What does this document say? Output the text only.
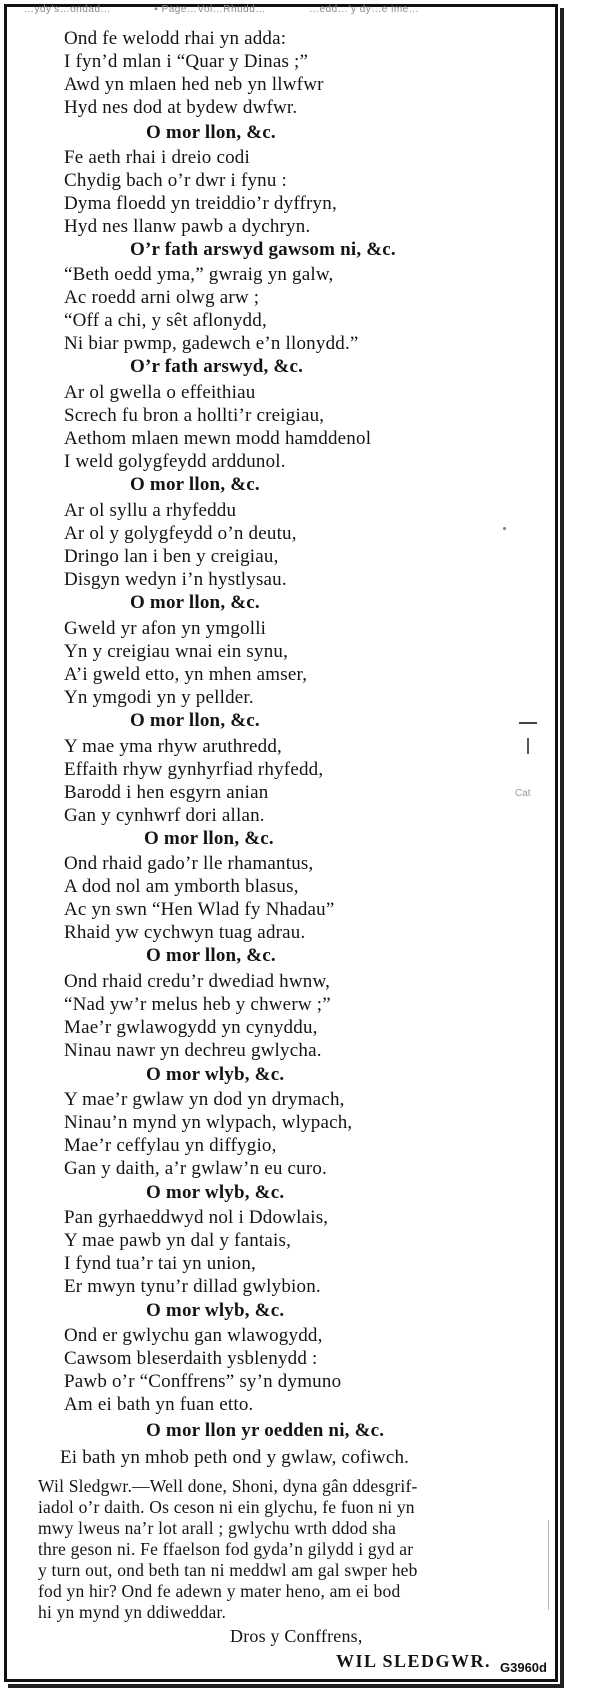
…ydy’s…ondad…	▪ Page…Vol…Rhudd…	…edd…’y dy…e ime…
Ond fe welodd rhai yn adda:
I fyn’d mlan i “Quar y Dinas ;”
Awd yn mlaen hed neb yn llwfwr
Hyd nes dod at bydew dwfwr.
O mor llon, &c.
Fe aeth rhai i dreio codi
Chydig bach o’r dwr i fynu :
Dyma floedd yn treiddio’r dyffryn,
Hyd nes llanw pawb a dychryn.
O’r fath arswyd gawsom ni, &c.
“Beth oedd yma,” gwraig yn galw,
Ac roedd arni olwg arw ;
“Off a chi, y sêt aflonydd,
Ni biar pwmp, gadewch e’n llonydd.”
O’r fath arswyd, &c.
Ar ol gwella o effeithiau
Screch fu bron a hollti’r creigiau,
Aethom mlaen mewn modd hamddenol
I weld golygfeydd arddunol.
O mor llon, &c.
Ar ol syllu a rhyfeddu
Ar ol y golygfeydd o’n deutu,
Dringo lan i ben y creigiau,
Disgyn wedyn i’n hystlysau.
O mor llon, &c.
Gweld yr afon yn ymgolli
Yn y creigiau wnai ein synu,
A’i gweld etto, yn mhen amser,
Yn ymgodi yn y pellder.
O mor llon, &c.
Y mae yma rhyw aruthredd,
Effaith rhyw gynhyrfiad rhyfedd,
Barodd i hen esgyrn anian
Gan y cynhwrf dori allan.
O mor llon, &c.
Ond rhaid gado’r lle rhamantus,
A dod nol am ymborth blasus,
Ac yn swn “Hen Wlad fy Nhadau”
Rhaid yw cychwyn tuag adrau.
O mor llon, &c.
Ond rhaid credu’r dwediad hwnw,
“Nad yw’r melus heb y chwerw ;”
Mae’r gwlawogydd yn cynyddu,
Ninau nawr yn dechreu gwlycha.
O mor wlyb, &c.
Y mae’r gwlaw yn dod yn drymach,
Ninau’n mynd yn wlypach, wlypach,
Mae’r ceffylau yn diffygio,
Gan y daith, a’r gwlaw’n eu curo.
O mor wlyb, &c.
Pan gyrhaeddwyd nol i Ddowlais,
Y mae pawb yn dal y fantais,
I fynd tua’r tai yn union,
Er mwyn tynu’r dillad gwlybion.
O mor wlyb, &c.
Ond er gwlychu gan wlawogydd,
Cawsom bleserdaith ysblenydd :
Pawb o’r “Conffrens” sy’n dymuno
Am ei bath yn fuan etto.
O mor llon yr oedden ni, &c.
Ei bath yn mhob peth ond y gwlaw, cofiwch.
Wil Sledgwr.—Well done, Shoni, dyna gân ddesgrif-
iadol o’r daith. Os ceson ni ein glychu, fe fuon ni yn
mwy lweus na’r lot arall ; gwlychu wrth ddod sha
thre geson ni. Fe ffaelson fod gyda’n gilydd i gyd ar
y turn out, ond beth tan ni meddwl am gal swper heb
fod yn hir? Ond fe adewn y mater heno, am ei bod
hi yn mynd yn ddiweddar.
Dros y Conffrens,
WIL SLEDGWR.
Cat
G3960d
